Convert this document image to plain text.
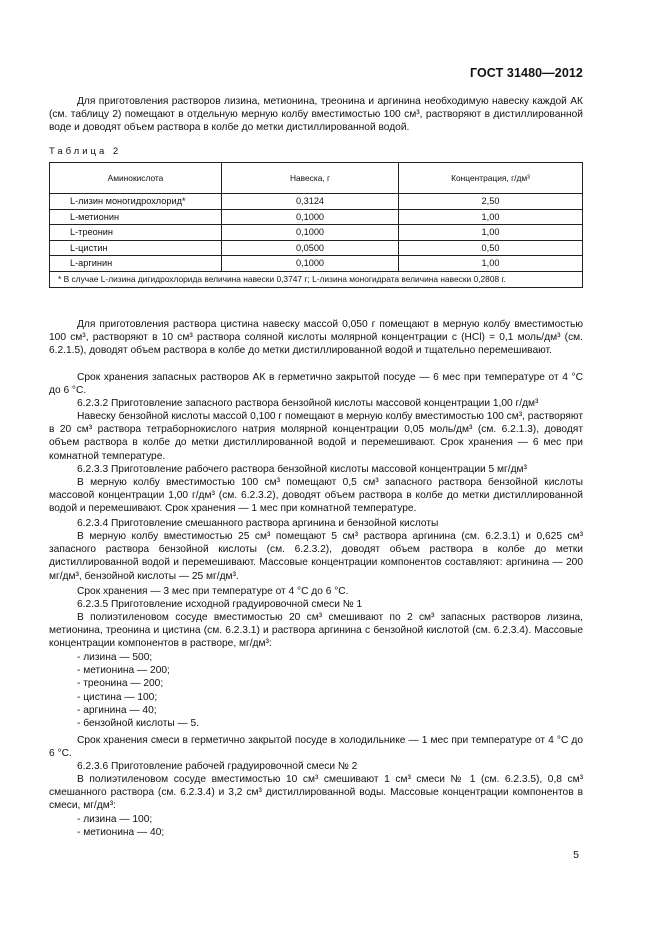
ГОСТ 31480—2012

Для приготовления растворов лизина, метионина, треонина и аргинина необходимую навеску каждой АК (см. таблицу 2) помещают в отдельную мерную колбу вместимостью 100 см³, растворяют в дистиллированной воде и доводят объем раствора в колбе до метки дистиллированной водой.

Таблица 2
Аминокислота	Навеска, г	Концентрация, г/дм³
L-лизин моногидрохлорид*	0,3124	2,50
L-метионин	0,1000	1,00
L-треонин	0,1000	1,00
L-цистин	0,0500	0,50
L-аргинин	0,1000	1,00
* В случае L-лизина дигидрохлорида величина навески 0,3747 г; L-лизина моногидрата величина навески 0,2808 г.		

Для приготовления раствора цистина навеску массой 0,050 г помещают в мерную колбу вместимостью 100 см³, растворяют в 10 см³ раствора соляной кислоты молярной концентрации c (HCl) = 0,1 моль/дм³ (см. 6.2.1.5), доводят объем раствора в колбе до метки дистиллированной водой и тщательно перемешивают.

Срок хранения запасных растворов АК в герметично закрытой посуде — 6 мес при температуре от 4 °C до 6 °C.

6.2.3.2 Приготовление запасного раствора бензойной кислоты массовой концентрации 1,00 г/дм³

Навеску бензойной кислоты массой 0,100 г помещают в мерную колбу вместимостью 100 см³, растворяют в 20 см³ раствора тетраборнокислого натрия молярной концентрации 0,05 моль/дм³ (см. 6.2.1.3), доводят объем раствора в колбе до метки дистиллированной водой и перемешивают. Срок хранения — 6 мес при комнатной температуре.

6.2.3.3 Приготовление рабочего раствора бензойной кислоты массовой концентрации 5 мг/дм³

В мерную колбу вместимостью 100 см³ помещают 0,5 см³ запасного раствора бензойной кислоты массовой концентрации 1,00 г/дм³ (см. 6.2.3.2), доводят объем раствора в колбе до метки дистиллированной водой и перемешивают. Срок хранения — 1 мес при комнатной температуре.

6.2.3.4 Приготовление смешанного раствора аргинина и бензойной кислоты

В мерную колбу вместимостью 25 см³ помещают 5 см³ раствора аргинина (см. 6.2.3.1) и 0,625 см³ запасного раствора бензойной кислоты (см. 6.2.3.2), доводят объем раствора в колбе до метки дистиллированной водой и перемешивают. Массовые концентрации компонентов составляют: аргинина — 200 мг/дм³, бензойной кислоты — 25 мг/дм³.

Срок хранения — 3 мес при температуре от 4 °C до 6 °C.

6.2.3.5 Приготовление исходной градуировочной смеси № 1

В полиэтиленовом сосуде вместимостью 20 см³ смешивают по 2 см³ запасных растворов лизина, метионина, треонина и цистина (см. 6.2.3.1) и раствора аргинина с бензойной кислотой (см. 6.2.3.4). Массовые концентрации компонентов в растворе, мг/дм³:

- лизина — 500;
- метионина — 200;
- треонина — 200;
- цистина — 100;
- аргинина — 40;
- бензойной кислоты — 5.

Срок хранения смеси в герметично закрытой посуде в холодильнике — 1 мес при температуре от 4 °C до 6 °C.

6.2.3.6 Приготовление рабочей градуировочной смеси № 2

В полиэтиленовом сосуде вместимостью 10 см³ смешивают 1 см³ смеси № 1 (см. 6.2.3.5), 0,8 см³ смешанного раствора (см. 6.2.3.4) и 3,2 см³ дистиллированной воды. Массовые концентрации компонентов в смеси, мг/дм³:

- лизина — 100;
- метионина — 40;
5
